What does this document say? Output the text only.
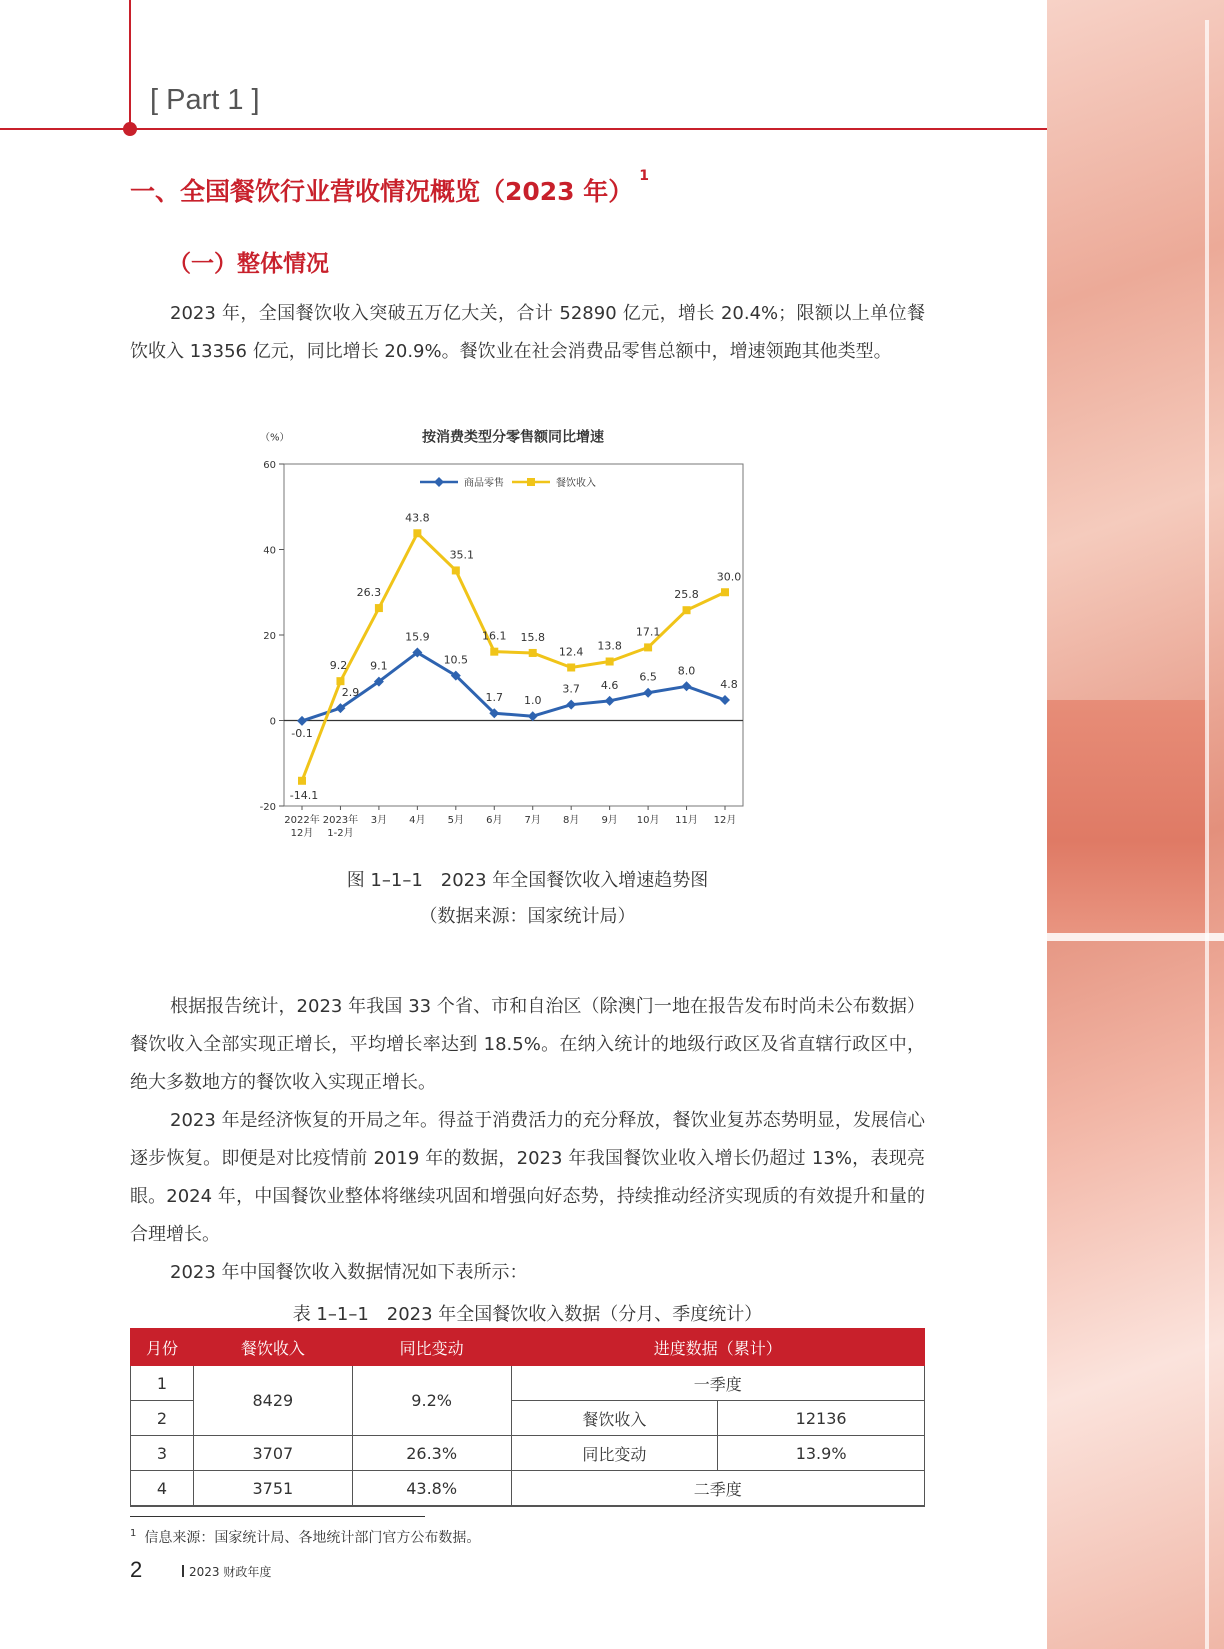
[ Part 1 ]
一、全国餐饮行业营收情况概览（2023 年）$^1$
（一）整体情况

2023 年，全国餐饮收入突破五万亿大关，合计 52890 亿元，增长 20.4%；限额以上单位餐饮收入 13356 亿元，同比增长 20.9%。餐饮业在社会消费品零售总额中，增速领跑其他类型。

按消费类型分零售额同比增速
（%）
-20
0
20
40
60
2022年
12月
2023年
1-2月
3月 4月 5月 6月 7月 8月 9月 10月 11月 12月
商品零售	餐饮收入
-0.1
2.9
9.1
15.9
10.5
1.7 1.0
3.7 4.6
6.5 8.0
4.8
-14.1
9.2
26.3
43.8
35.1
16.1 15.8
12.4 13.8
17.1
25.8
30.0
图 1–1–1　2023 年全国餐饮收入增速趋势图
（数据来源：国家统计局）

根据报告统计，2023 年我国 33 个省、市和自治区（除澳门一地在报告发布时尚未公布数据）餐饮收入全部实现正增长，平均增长率达到 18.5%。在纳入统计的地级行政区及省直辖行政区中，绝大多数地方的餐饮收入实现正增长。

2023 年是经济恢复的开局之年。得益于消费活力的充分释放，餐饮业复苏态势明显，发展信心逐步恢复。即便是对比疫情前 2019 年的数据，2023 年我国餐饮业收入增长仍超过 13%，表现亮眼。2024 年，中国餐饮业整体将继续巩固和增强向好态势，持续推动经济实现质的有效提升和量的合理增长。

2023 年中国餐饮收入数据情况如下表所示：

表 1–1–1　2023 年全国餐饮收入数据（分月、季度统计）
月份	餐饮收入	同比变动	进度数据（累计）	
1	8429	9.2%	一季度	
2			餐饮收入	12136
3	3707	26.3%	同比变动	13.9%
4	3751	43.8%	二季度	
$^1$ 信息来源：国家统计局、各地统计部门官方公布数据。
2	2023 财政年度
